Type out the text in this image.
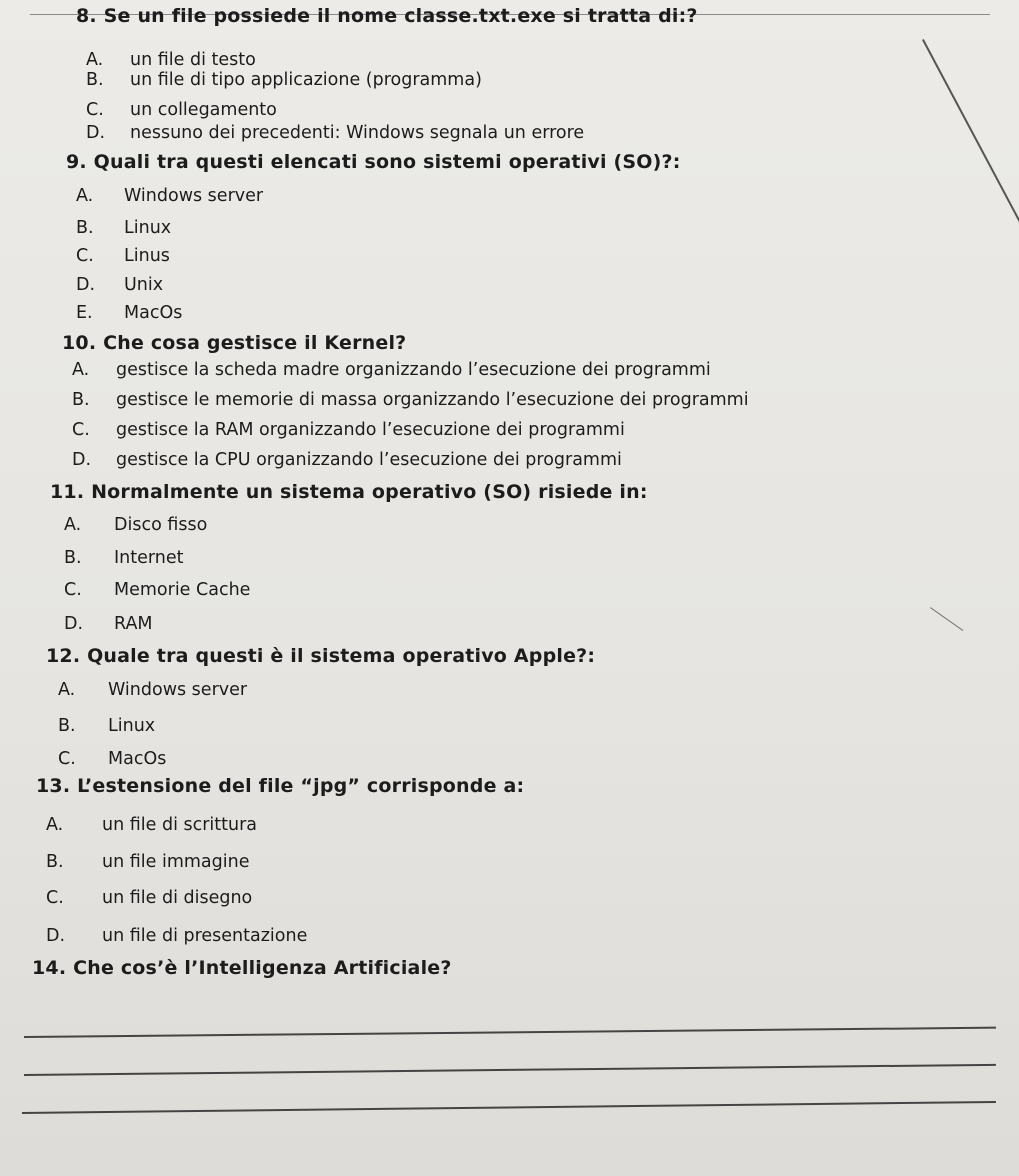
8. Se un file possiede il nome classe.txt.exe si tratta di:?
A. un file di testo
B. un file di tipo applicazione (programma)
C. un collegamento
D. nessuno dei precedenti: Windows segnala un errore
9. Quali tra questi elencati sono sistemi operativi (SO)?:
A. Windows server
B. Linux
C. Linus
D. Unix
E. MacOs
10. Che cosa gestisce il Kernel?
A. gestisce la scheda madre organizzando l’esecuzione dei programmi
B. gestisce le memorie di massa organizzando l’esecuzione dei programmi
C. gestisce la RAM organizzando l’esecuzione dei programmi
D. gestisce la CPU organizzando l’esecuzione dei programmi
11. Normalmente un sistema operativo (SO) risiede in:
A. Disco fisso
B. Internet
C. Memorie Cache
D. RAM
12. Quale tra questi è il sistema operativo Apple?:
A. Windows server
B. Linux
C. MacOs
13. L’estensione del file “jpg” corrisponde a:
A. un file di scrittura
B. un file immagine
C. un file di disegno
D. un file di presentazione
14. Che cos’è l’Intelligenza Artificiale?
